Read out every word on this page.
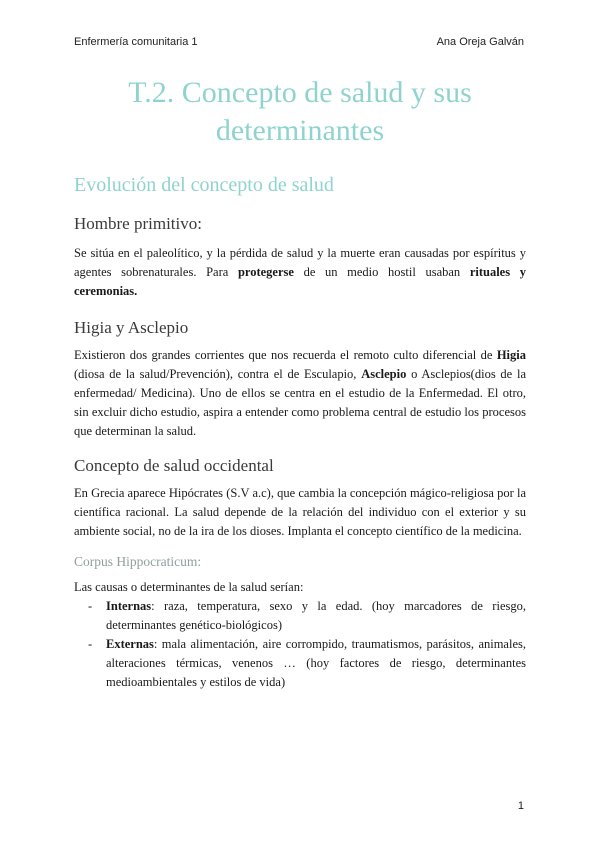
Enfermería comunitaria 1	Ana Oreja Galván
T.2. Concepto de salud y sus
determinantes
Evolución del concepto de salud
Hombre primitivo:

Se sitúa en el paleolítico, y la pérdida de salud y la muerte eran causadas por espíritus y agentes sobrenaturales. Para protegerse de un medio hostil usaban rituales y ceremonias.

Higia y Asclepio

Existieron dos grandes corrientes que nos recuerda el remoto culto diferencial de Higia (diosa de la salud/Prevención), contra el de Esculapio, Asclepio o Asclepios(dios de la enfermedad/ Medicina). Uno de ellos se centra en el estudio de la Enfermedad. El otro, sin excluir dicho estudio, aspira a entender como problema central de estudio los procesos que determinan la salud.

Concepto de salud occidental

En Grecia aparece Hipócrates (S.V a.c), que cambia la concepción mágico-religiosa por la científica racional. La salud depende de la relación del individuo con el exterior y su ambiente social, no de la ira de los dioses. Implanta el concepto científico de la medicina.

Corpus Hippocraticum:

Las causas o determinantes de la salud serían:

- Internas: raza, temperatura, sexo y la edad. (hoy marcadores de riesgo, determinantes genético-biológicos)
- Externas: mala alimentación, aire corrompido, traumatismos, parásitos, animales, alteraciones térmicas, venenos … (hoy factores de riesgo, determinantes medioambientales y estilos de vida)
1
